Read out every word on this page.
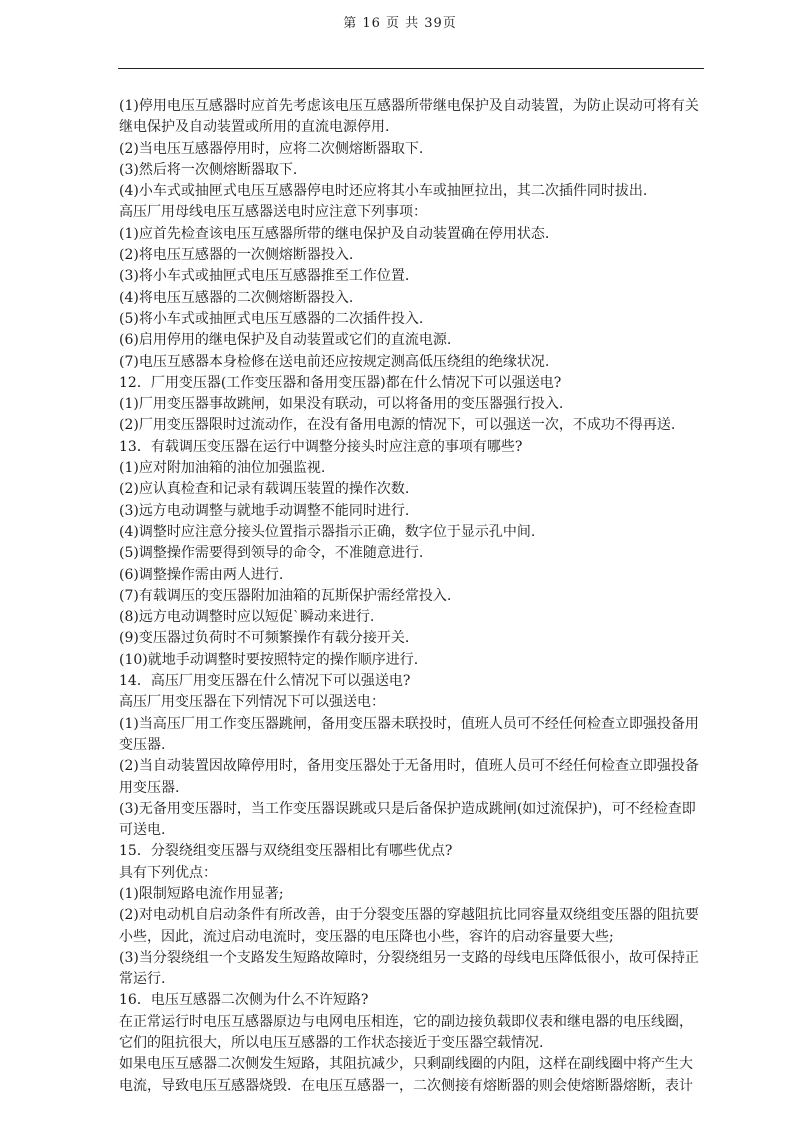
第 16 页 共 39页
(1)停用电压互感器时应首先考虑该电压互感器所带继电保护及自动装置，为防止误动可将有关
继电保护及自动装置或所用的直流电源停用.
(2)当电压互感器停用时，应将二次侧熔断器取下.
(3)然后将一次侧熔断器取下.
(4)小车式或抽匣式电压互感器停电时还应将其小车或抽匣拉出，其二次插件同时拔出.
高压厂用母线电压互感器送电时应注意下列事项：
(1)应首先检查该电压互感器所带的继电保护及自动装置确在停用状态.
(2)将电压互感器的一次侧熔断器投入.
(3)将小车式或抽匣式电压互感器推至工作位置.
(4)将电压互感器的二次侧熔断器投入.
(5)将小车式或抽匣式电压互感器的二次插件投入.
(6)启用停用的继电保护及自动装置或它们的直流电源.
(7)电压互感器本身检修在送电前还应按规定测高低压绕组的绝缘状况.
12．厂用变压器(工作变压器和备用变压器)都在什么情况下可以强送电?
(1)厂用变压器事故跳闸，如果没有联动，可以将备用的变压器强行投入.
(2)厂用变压器限时过流动作，在没有备用电源的情况下，可以强送一次，不成功不得再送.
13．有载调压变压器在运行中调整分接头时应注意的事项有哪些?
(1)应对附加油箱的油位加强监视.
(2)应认真检查和记录有载调压装置的操作次数.
(3)远方电动调整与就地手动调整不能同时进行.
(4)调整时应注意分接头位置指示器指示正确，数字位于显示孔中间.
(5)调整操作需要得到领导的命令，不准随意进行.
(6)调整操作需由两人进行.
(7)有载调压的变压器附加油箱的瓦斯保护需经常投入.
(8)远方电动调整时应以短促`瞬动来进行.
(9)变压器过负荷时不可频繁操作有载分接开关.
(10)就地手动调整时要按照特定的操作顺序进行.
14．高压厂用变压器在什么情况下可以强送电?
高压厂用变压器在下列情况下可以强送电：
(1)当高压厂用工作变压器跳闸，备用变压器未联投时，值班人员可不经任何检查立即强投备用
变压器.
(2)当自动装置因故障停用时，备用变压器处于无备用时，值班人员可不经任何检查立即强投备
用变压器.
(3)无备用变压器时，当工作变压器误跳或只是后备保护造成跳闸(如过流保护)，可不经检查即
可送电.
15．分裂绕组变压器与双绕组变压器相比有哪些优点?
具有下列优点：
(1)限制短路电流作用显著;
(2)对电动机自启动条件有所改善，由于分裂变压器的穿越阻抗比同容量双绕组变压器的阻抗要
小些，因此，流过启动电流时，变压器的电压降也小些，容许的启动容量要大些;
(3)当分裂绕组一个支路发生短路故障时，分裂绕组另一支路的母线电压降低很小，故可保持正
常运行.
16．电压互感器二次侧为什么不许短路?
在正常运行时电压互感器原边与电网电压相连，它的副边接负载即仪表和继电器的电压线圈，
它们的阻抗很大，所以电压互感器的工作状态接近于变压器空载情况.
如果电压互感器二次侧发生短路，其阻抗减少，只剩副线圈的内阻，这样在副线圈中将产生大
电流，导致电压互感器烧毁．在电压互感器一，二次侧接有熔断器的则会使熔断器熔断，表计
